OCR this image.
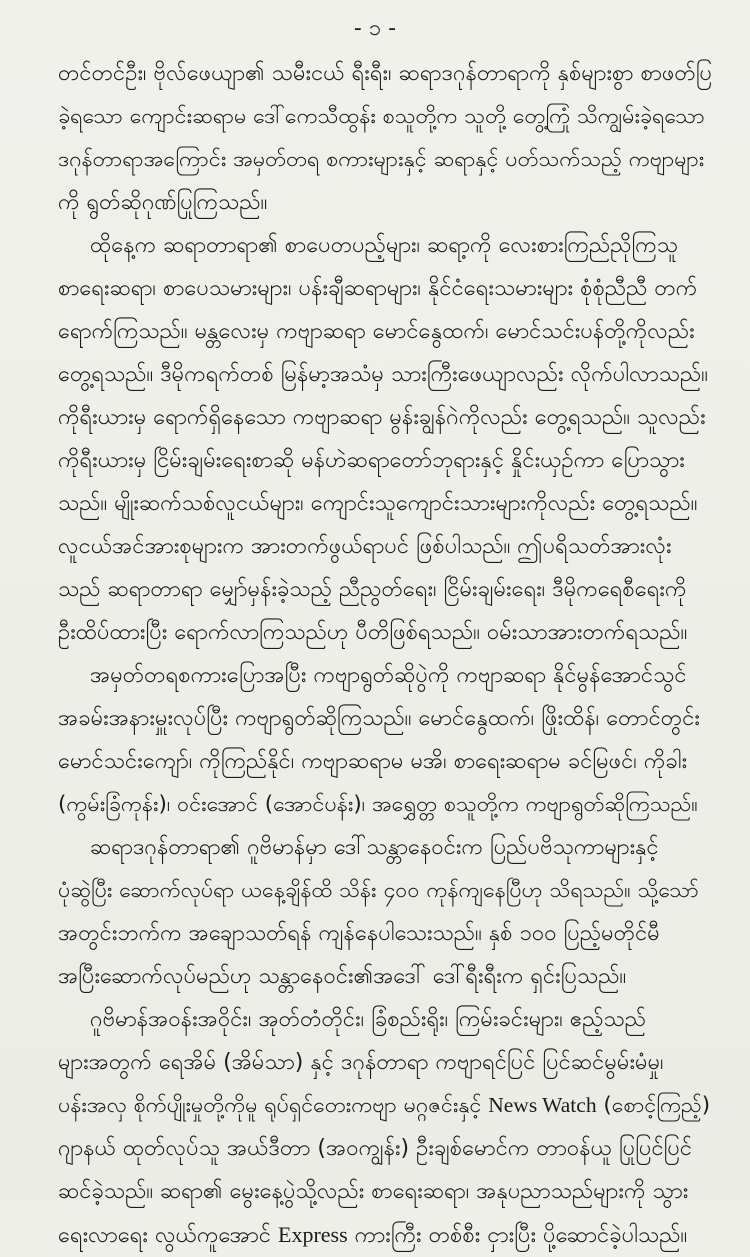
- ၁ -
တင်တင်ဦး၊ ဗိုလ်ဖေယျာ၏ သမီးငယ် ရီးရီး၊ ဆရာဒဂုန်တာရာကို နှစ်များစွာ စာဖတ်ပြ
ခဲ့ရသော ကျောင်းဆရာမ ဒေါ်ကေသီထွန်း စသူတို့က သူတို့ တွေ့ကြုံ သိကျွမ်းခဲ့ရသော
ဒဂုန်တာရာအကြောင်း အမှတ်တရ စကားများနှင့် ဆရာနှင့် ပတ်သက်သည့် ကဗျာများ
ကို ရွတ်ဆိုဂုဏ်ပြုကြသည်။
ထိုနေ့က ဆရာတာရာ၏ စာပေတပည့်များ၊ ဆရာ့ကို လေးစားကြည်ညိုကြသူ
စာရေးဆရာ၊ စာပေသမားများ၊ ပန်းချီဆရာများ၊ နိုင်ငံရေးသမားများ စုံစုံညီညီ တက်
ရောက်ကြသည်။ မန္တလေးမှ ကဗျာဆရာ မောင်နွေထက်၊ မောင်သင်းပန်တို့ကိုလည်း
တွေ့ရသည်။ ဒီမိုကရက်တစ် မြန်မာ့အသံမှ သားကြီးဖေယျာလည်း လိုက်ပါလာသည်။
ကိုရီးယားမှ ရောက်ရှိနေသော ကဗျာဆရာ မွန်းချွန်ဂဲကိုလည်း တွေ့ရသည်။ သူလည်း
ကိုရီးယားမှ ငြိမ်းချမ်းရေးစာဆို မန်ဟဲဆရာတော်ဘုရားနှင့် နှိုင်းယှဉ်ကာ ပြောသွား
သည်။ မျိုးဆက်သစ်လူငယ်များ၊ ကျောင်းသူကျောင်းသားများကိုလည်း တွေ့ရသည်။
လူငယ်အင်အားစုများက အားတက်ဖွယ်ရာပင် ဖြစ်ပါသည်။ ဤပရိသတ်အားလုံး
သည် ဆရာတာရာ မျှော်မှန်းခဲ့သည့် ညီညွတ်ရေး၊ ငြိမ်းချမ်းရေး၊ ဒီမိုကရေစီရေးကို
ဦးထိပ်ထားပြီး ရောက်လာကြသည်ဟု ပီတိဖြစ်ရသည်။ ဝမ်းသာအားတက်ရသည်။
အမှတ်တရစကားပြောအပြီး ကဗျာရွတ်ဆိုပွဲကို ကဗျာဆရာ နိုင်မွန်အောင်သွင်
အခမ်းအနားမှူးလုပ်ပြီး ကဗျာရွတ်ဆိုကြသည်။ မောင်နွေထက်၊ ဖြိုးထိန်၊ တောင်တွင်း
မောင်သင်းကျော်၊ ကိုကြည်နိုင်၊ ကဗျာဆရာမ မအိ၊ စာရေးဆရာမ ခင်မြဖင်၊ ကိုခါး
(ကွမ်းခြံကုန်း)၊ ဝင်းအောင် (အောင်ပန်း)၊ အရွှေတ္တ စသူတို့က ကဗျာရွတ်ဆိုကြသည်။
ဆရာဒဂုန်တာရာ၏ ဂူဗိမာန်မှာ ဒေါ်သန္တာနေဝင်းက ပြည်ပဗိသုကာများနှင့်
ပုံဆွဲပြီး ဆောက်လုပ်ရာ ယနေ့ချိန်ထိ သိန်း ၄၀၀ ကုန်ကျနေပြီဟု သိရသည်။ သို့သော်
အတွင်းဘက်က အချောသတ်ရန် ကျန်နေပါသေးသည်။ နှစ် ၁၀၀ ပြည့်မတိုင်မီ
အပြီးဆောက်လုပ်မည်ဟု သန္တာနေဝင်း၏အဒေါ် ဒေါ်ရီးရီးက ရှင်းပြသည်။
ဂူဗိမာန်အဝန်းအဝိုင်း၊ အုတ်တံတိုင်း၊ ခြံစည်းရိုး၊ ကြမ်းခင်းများ၊ ဧည့်သည်
များအတွက် ရေအိမ် (အိမ်သာ) နှင့် ဒဂုန်တာရာ ကဗျာရင်ပြင် ပြင်ဆင်မွမ်းမံမှု၊
ပန်းအလှ စိုက်ပျိုးမှုတို့ကိုမူ ရုပ်ရှင်တေးကဗျာ မဂ္ဂဇင်းနှင့် News Watch (စောင့်ကြည့်)
ဂျာနယ် ထုတ်လုပ်သူ အယ်ဒီတာ (အဝကျွန်း) ဦးချစ်မောင်က တာဝန်ယူ ပြုပြင်ပြင်
ဆင်ခဲ့သည်။ ဆရာ၏ မွေးနေ့ပွဲသို့လည်း စာရေးဆရာ၊ အနုပညာသည်များကို သွား
ရေးလာရေး လွယ်ကူအောင် Express ကားကြီး တစ်စီး ငှားပြီး ပို့ဆောင်ခဲ့ပါသည်။
